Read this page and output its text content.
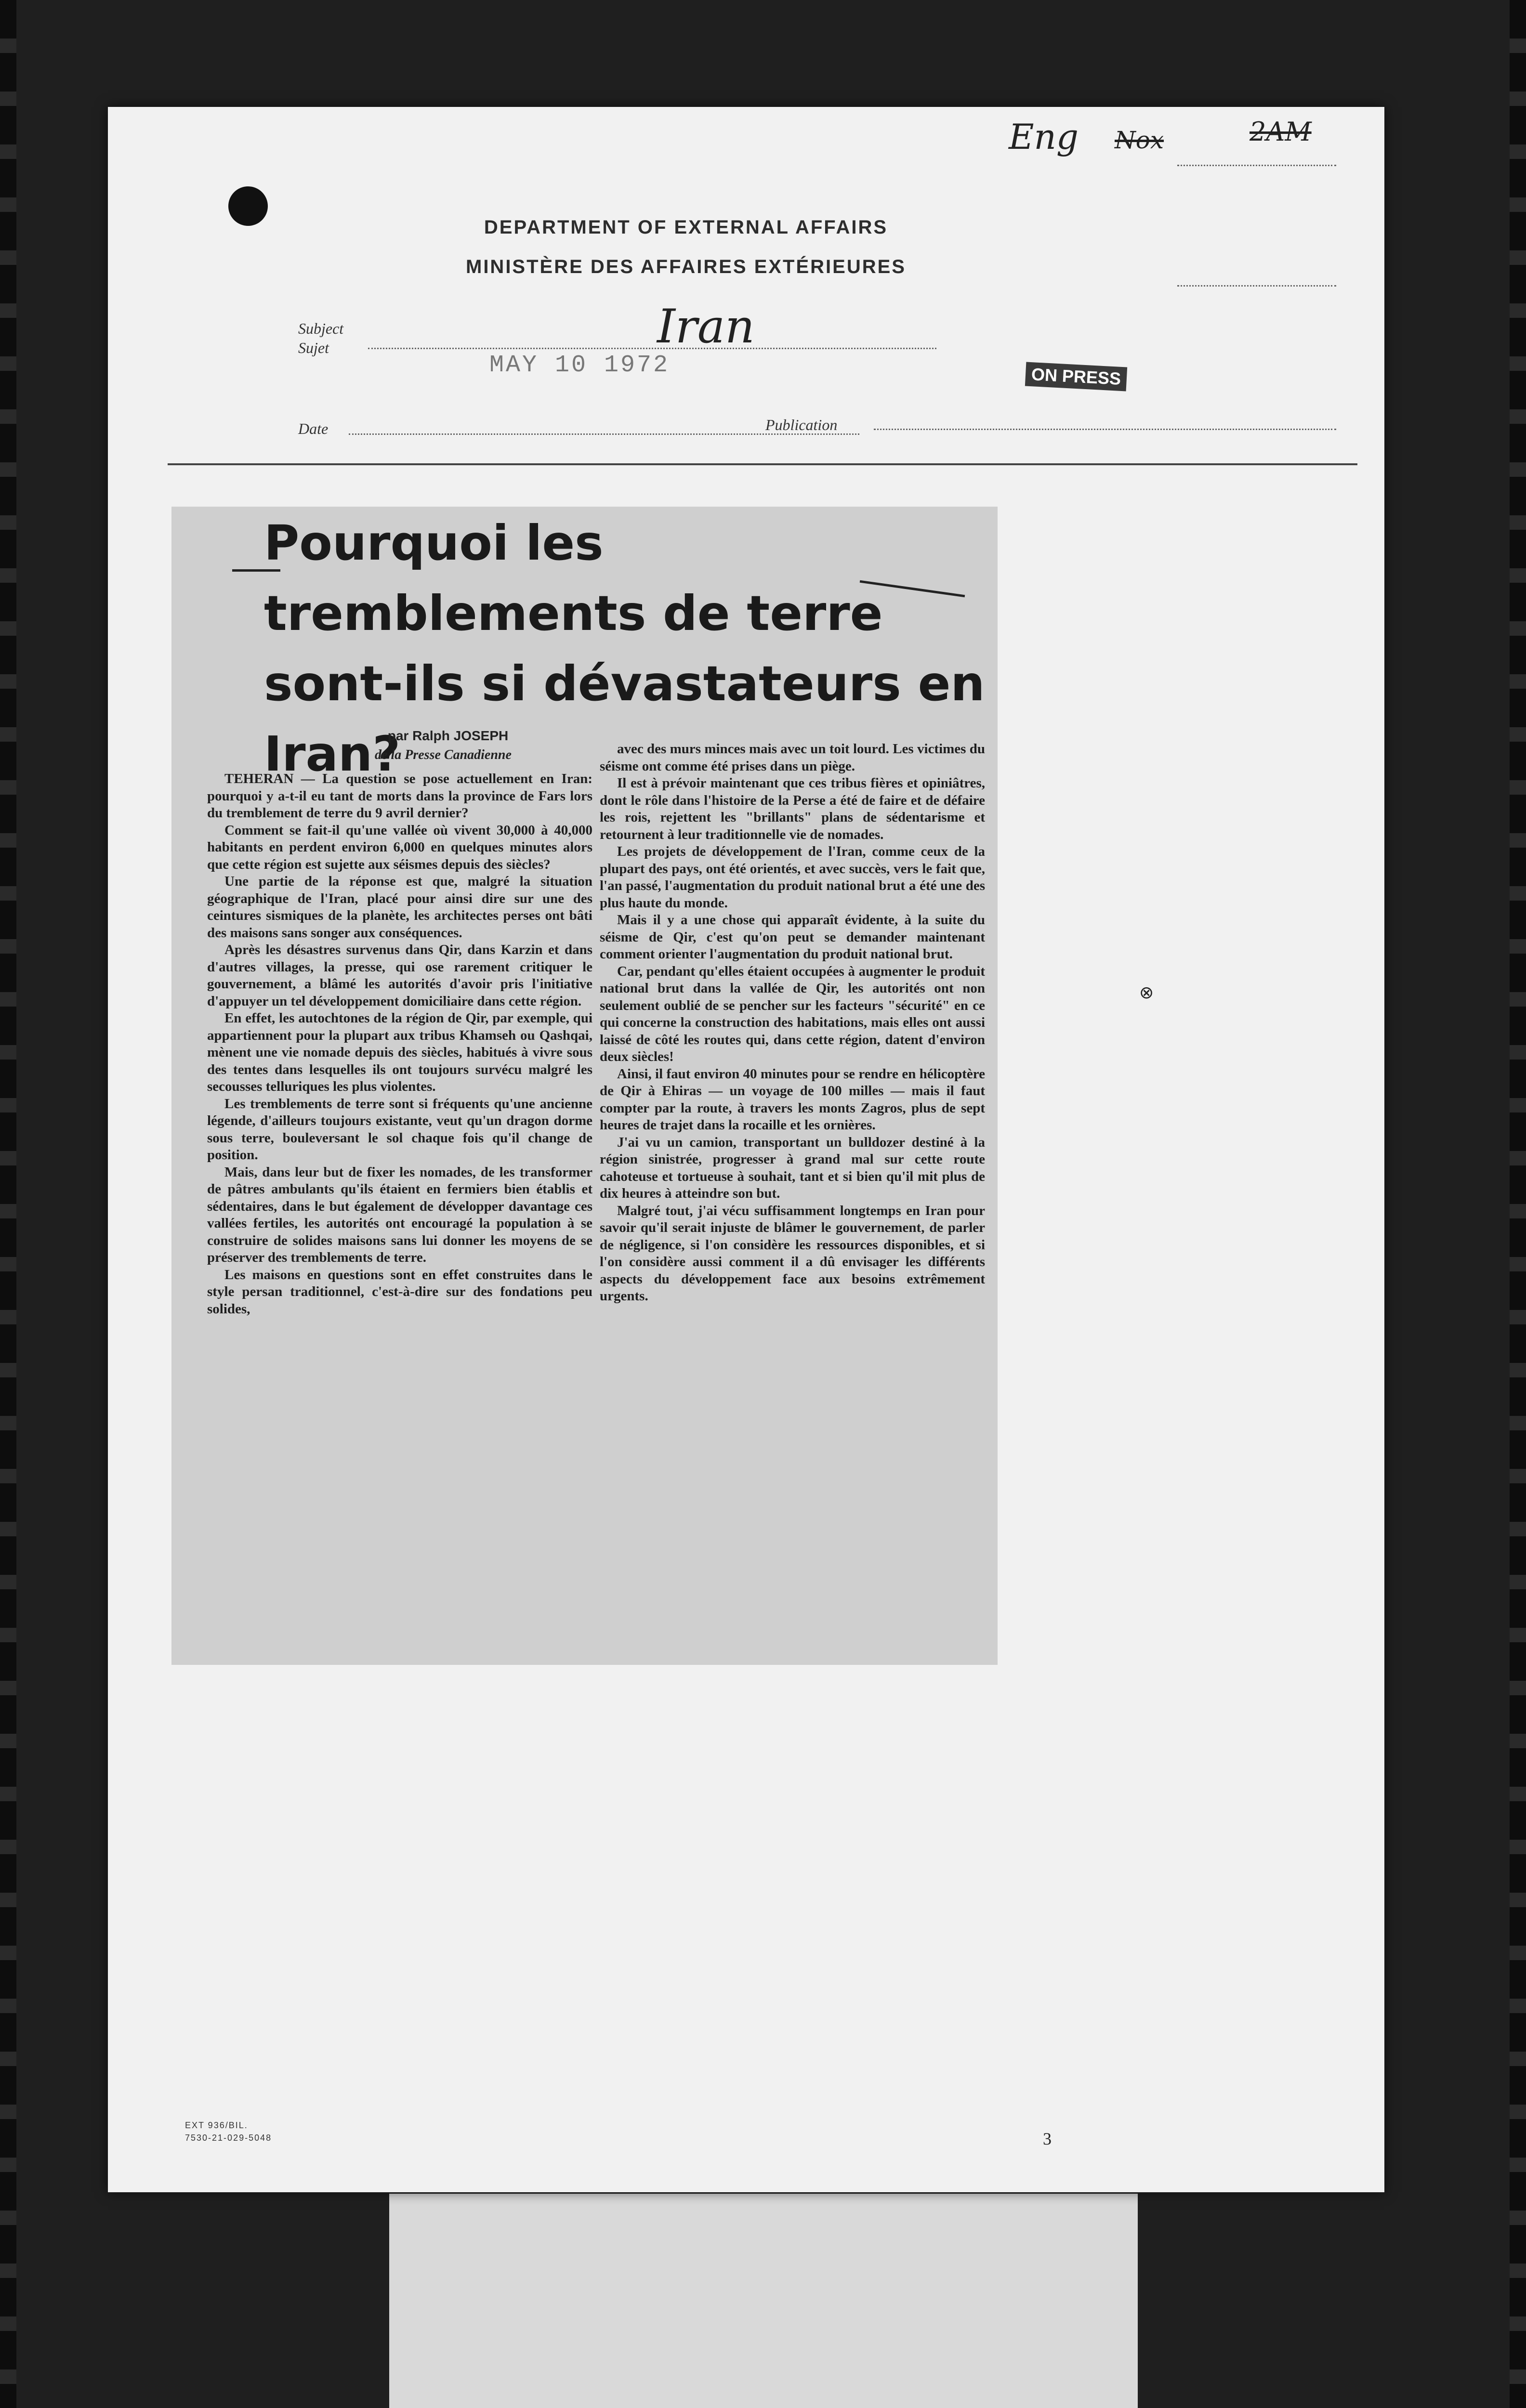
DEPARTMENT OF EXTERNAL AFFAIRS
MINISTÈRE DES AFFAIRES EXTÉRIEURES
Eng Nox	2AM
Subject
Sujet	Iran
MAY 10 1972	ON PRESS
Date	Publication
Pourquoi les tremblements de terre sont-ils si dévastateurs en Iran?
par Ralph JOSEPH
de la Presse Canadienne

TEHERAN — La question se pose actuellement en Iran: pourquoi y a-t-il eu tant de morts dans la province de Fars lors du tremblement de terre du 9 avril dernier?

Comment se fait-il qu'une vallée où vivent 30,000 à 40,000 habitants en perdent environ 6,000 en quelques minutes alors que cette région est sujette aux séismes depuis des siècles?

Une partie de la réponse est que, malgré la situation géographique de l'Iran, placé pour ainsi dire sur une des ceintures sismiques de la planète, les architectes perses ont bâti des maisons sans songer aux conséquences.

Après les désastres survenus dans Qir, dans Karzin et dans d'autres villages, la presse, qui ose rarement critiquer le gouvernement, a blâmé les autorités d'avoir pris l'initiative d'appuyer un tel développement domiciliaire dans cette région.

En effet, les autochtones de la région de Qir, par exemple, qui appartiennent pour la plupart aux tribus Khamseh ou Qashqai, mènent une vie nomade depuis des siècles, habitués à vivre sous des tentes dans lesquelles ils ont toujours survécu malgré les secousses telluriques les plus violentes.

Les tremblements de terre sont si fréquents qu'une ancienne légende, d'ailleurs toujours existante, veut qu'un dragon dorme sous terre, bouleversant le sol chaque fois qu'il change de position.

Mais, dans leur but de fixer les nomades, de les transformer de pâtres ambulants qu'ils étaient en fermiers bien établis et sédentaires, dans le but également de développer davantage ces vallées fertiles, les autorités ont encouragé la population à se construire de solides maisons sans lui donner les moyens de se préserver des tremblements de terre.

Les maisons en questions sont en effet construites dans le style persan traditionnel, c'est-à-dire sur des fondations peu solides,

avec des murs minces mais avec un toit lourd. Les victimes du séisme ont comme été prises dans un piège.

Il est à prévoir maintenant que ces tribus fières et opiniâtres, dont le rôle dans l'histoire de la Perse a été de faire et de défaire les rois, rejettent les "brillants" plans de sédentarisme et retournent à leur traditionnelle vie de nomades.

Les projets de développement de l'Iran, comme ceux de la plupart des pays, ont été orientés, et avec succès, vers le fait que, l'an passé, l'augmentation du produit national brut a été une des plus haute du monde.

Mais il y a une chose qui apparaît évidente, à la suite du séisme de Qir, c'est qu'on peut se demander maintenant comment orienter l'augmentation du produit national brut.

Car, pendant qu'elles étaient occupées à augmenter le produit national brut dans la vallée de Qir, les autorités ont non seulement oublié de se pencher sur les facteurs "sécurité" en ce qui concerne la construction des habitations, mais elles ont aussi laissé de côté les routes qui, dans cette région, datent d'environ deux siècles!

Ainsi, il faut environ 40 minutes pour se rendre en hélicoptère de Qir à Ehiras — un voyage de 100 milles — mais il faut compter par la route, à travers les monts Zagros, plus de sept heures de trajet dans la rocaille et les ornières.

J'ai vu un camion, transportant un bulldozer destiné à la région sinistrée, progresser à grand mal sur cette route cahoteuse et tortueuse à souhait, tant et si bien qu'il mit plus de dix heures à atteindre son but.

Malgré tout, j'ai vécu suffisamment longtemps en Iran pour savoir qu'il serait injuste de blâmer le gouvernement, de parler de négligence, si l'on considère les ressources disponibles, et si l'on considère aussi comment il a dû envisager les différents aspects du développement face aux besoins extrêmement urgents.

EXT 936/BIL.
7530-21-029-5048	3
⊗
